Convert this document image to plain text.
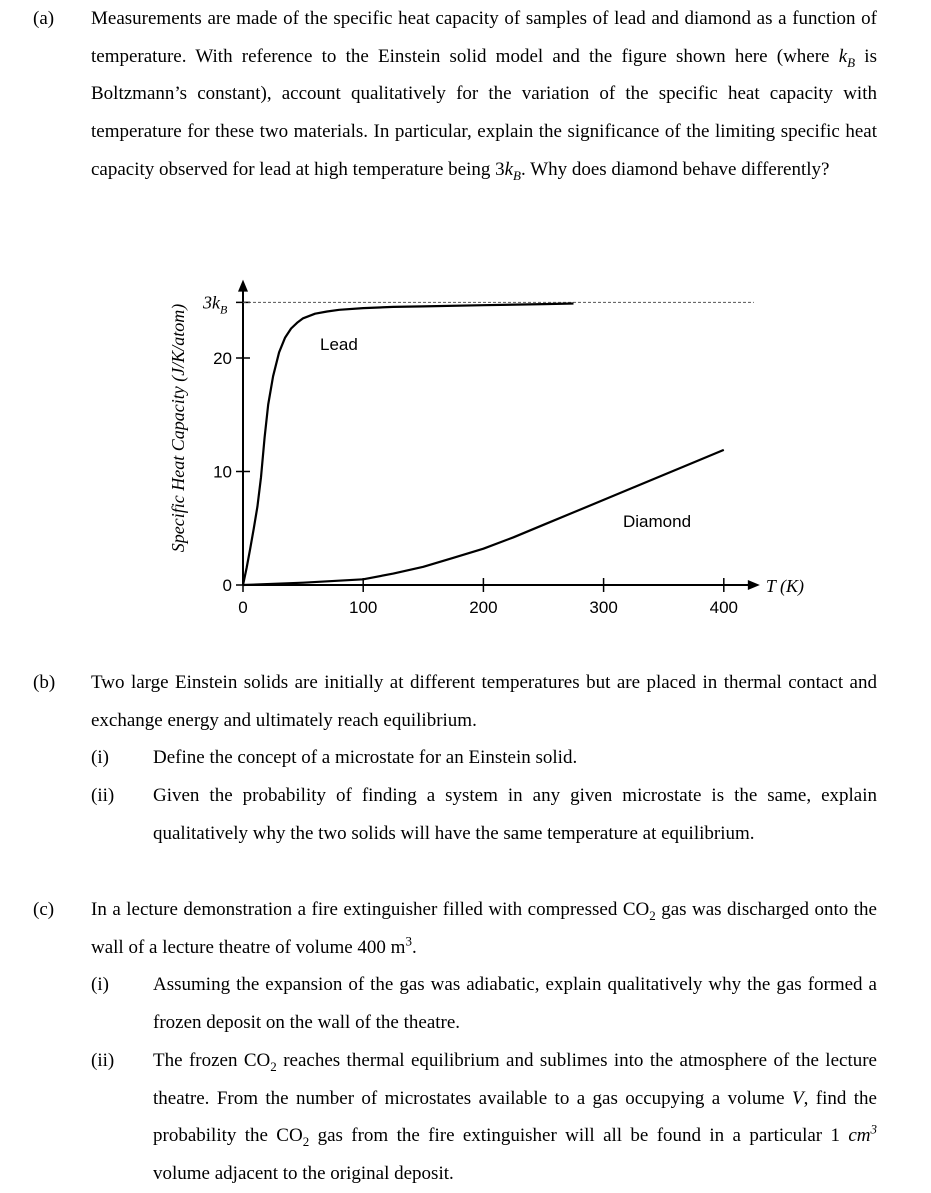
(a) Measurements are made of the specific heat capacity of samples of lead and diamond as a function of temperature. With reference to the Einstein solid model and the figure shown here (where $k_B$ is Boltzmann’s constant), account qualitatively for the variation of the specific heat capacity with temperature for these two materials. In particular, explain the significance of the limiting specific heat capacity observed for lead at high temperature being $3k_B$. Why does diamond behave differently?
0	100	200	300	400
0
10
20
$3k_B$
T (K)
Specific Heat Capacity (J/K/atom)	Lead
Diamond
(b) Two large Einstein solids are initially at different temperatures but are placed in thermal contact and exchange energy and ultimately reach equilibrium.
(i) Define the concept of a microstate for an Einstein solid.
(ii) Given the probability of finding a system in any given microstate is the same, explain qualitatively why the two solids will have the same temperature at equilibrium.
(c) In a lecture demonstration a fire extinguisher filled with compressed $CO_2$ gas was discharged onto the wall of a lecture theatre of volume 400 $m^3$.
(i) Assuming the expansion of the gas was adiabatic, explain qualitatively why the gas formed a frozen deposit on the wall of the theatre.
(ii) The frozen $CO_2$ reaches thermal equilibrium and sublimes into the atmosphere of the lecture theatre. From the number of microstates available to a gas occupying a volume V, find the probability the $CO_2$ gas from the fire extinguisher will all be found in a particular 1 $cm^3$ volume adjacent to the original deposit.
